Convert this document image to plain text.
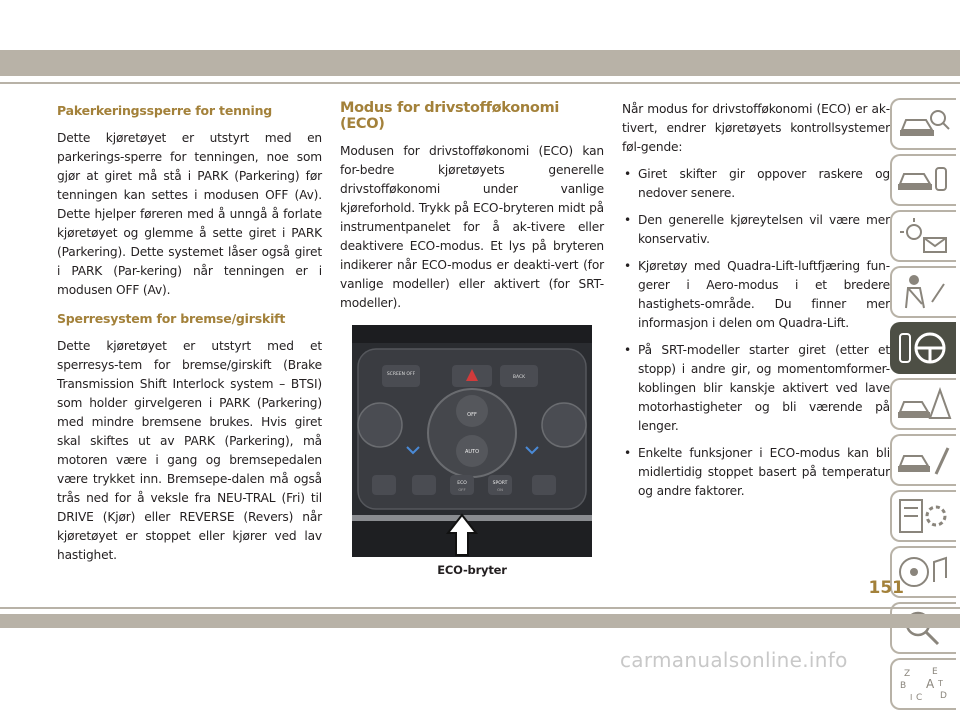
Pakerkeringssperre for tenning

Dette kjøretøyet er utstyrt med en parkerings-sperre for tenningen, noe som gjør at giret må stå i PARK (Parkering) før tenningen kan settes i modusen OFF (Av). Dette hjelper føreren med å unngå å forlate kjøretøyet og glemme å sette giret i PARK (Parkering). Dette systemet låser også giret i PARK (Par-kering) når tenningen er i modusen OFF (Av).

Sperresystem for bremse/girskift

Dette kjøretøyet er utstyrt med et sperresys-tem for bremse/girskift (Brake Transmission Shift Interlock system – BTSI) som holder girvelgeren i PARK (Parkering) med mindre bremsene brukes. Hvis giret skal skiftes ut av PARK (Parkering), må motoren være i gang og bremsepedalen være trykket inn. Bremsepe-dalen må også trås ned for å veksle fra NEU-TRAL (Fri) til DRIVE (Kjør) eller REVERSE (Revers) når kjøretøyet er stoppet eller kjører ved lav hastighet.

Modus for drivstofføkonomi (ECO)

Modusen for drivstofføkonomi (ECO) kan for-bedre kjøretøyets generelle drivstofføkonomi under vanlige kjøreforhold. Trykk på ECO-bryteren midt på instrumentpanelet for å ak-tivere eller deaktivere ECO-modus. Et lys på bryteren indikerer når ECO-modus er deakti-vert (for vanlige modeller) eller aktivert (for SRT-modeller).

SCREEN OFF
BACK
OFF
AUTO
ECO
OFF
SPORT
ON
ECO-bryter

Når modus for drivstofføkonomi (ECO) er ak-tivert, endrer kjøretøyets kontrollsystemer føl-gende:

• Giret skifter gir oppover raskere og nedover senere.
• Den generelle kjøreytelsen vil være mer konservativ.
• Kjøretøy med Quadra-Lift-luftfjæring fun-gerer i Aero-modus i et bredere hastighets-område. Du finner mer informasjon i delen om Quadra-Lift.
• På SRT-modeller starter giret (etter et stopp) i andre gir, og momentomformer-koblingen blir kanskje aktivert ved lave motorhastigheter og bli værende på lenger.
• Enkelte funksjoner i ECO-modus kan bli midlertidig stoppet basert på temperatur og andre faktorer.
Z E
B A
C D
I
T
151
carmanualsonline.info
